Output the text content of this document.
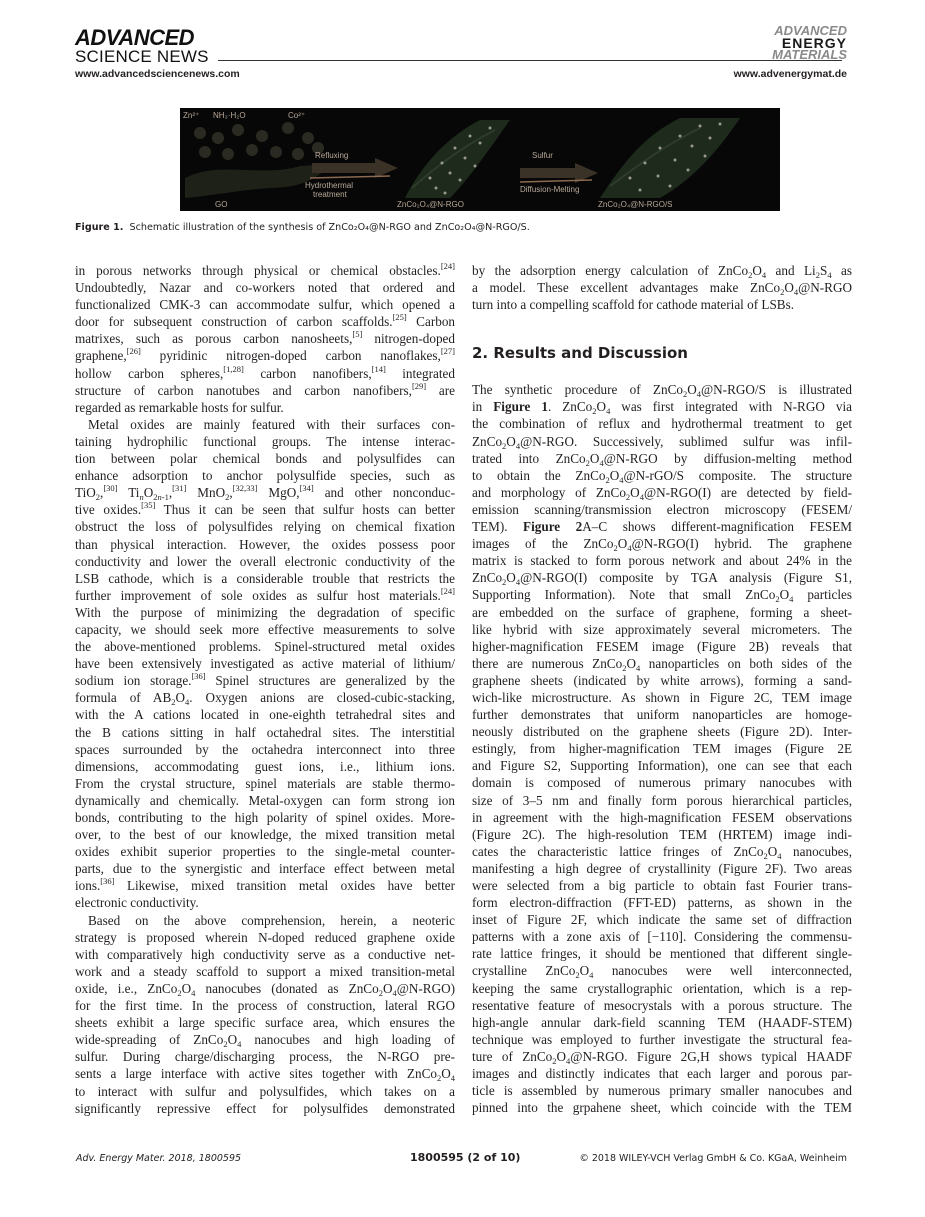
ADVANCED
SCIENCE NEWS
www.advancedsciencenews.com
ADVANCED
ENERGY
MATERIALS
www.advenergymat.de
Zn²⁺ NH₃·H₂O	Co²⁺
GO
Refluxing
Hydrothermal
treatment
ZnCo₂O₄@N-RGO
Sulfur
Diffusion-Melting
ZnCo₂O₄@N-RGO/S
Figure 1. Schematic illustration of the synthesis of ZnCo₂O₄@N-RGO and ZnCo₂O₄@N-RGO/S.
in porous networks through physical or chemical obstacles.[24]
Undoubtedly, Nazar and co-workers noted that ordered and
functionalized CMK-3 can accommodate sulfur, which opened a
door for subsequent construction of carbon scaffolds.[25] Carbon
matrixes, such as porous carbon nanosheets,[5] nitrogen-doped
graphene,[26] pyridinic nitrogen-doped carbon nanoflakes,[27]
hollow carbon spheres,[1,28] carbon nanofibers,[14] integrated
structure of carbon nanotubes and carbon nanofibers,[29] are
regarded as remarkable hosts for sulfur.
Metal oxides are mainly featured with their surfaces con-
taining hydrophilic functional groups. The intense interac-
tion between polar chemical bonds and polysulfides can
enhance adsorption to anchor polysulfide species, such as
TiO$_2$,[30] $Ti_nO_{2n-1},[31]$ MnO$_2$,[32,33] MgO,[34] and other nonconduc-
tive oxides.[35] Thus it can be seen that sulfur hosts can better
obstruct the loss of polysulfides relying on chemical fixation
than physical interaction. However, the oxides possess poor
conductivity and lower the overall electronic conductivity of the
LSB cathode, which is a considerable trouble that restricts the
further improvement of sole oxides as sulfur host materials.[24]
With the purpose of minimizing the degradation of specific
capacity, we should seek more effective measurements to solve
the above-mentioned problems. Spinel-structured metal oxides
have been extensively investigated as active material of lithium/
sodium ion storage.[36] Spinel structures are generalized by the
formula of $AB_2O_4$. Oxygen anions are closed-cubic-stacking,
with the A cations located in one-eighth tetrahedral sites and
the B cations sitting in half octahedral sites. The interstitial
spaces surrounded by the octahedra interconnect into three
dimensions, accommodating guest ions, i.e., lithium ions.
From the crystal structure, spinel materials are stable thermo-
dynamically and chemically. Metal-oxygen can form strong ion
bonds, contributing to the high polarity of spinel oxides. More-
over, to the best of our knowledge, the mixed transition metal
oxides exhibit superior properties to the single-metal counter-
parts, due to the synergistic and interface effect between metal
ions.[36] Likewise, mixed transition metal oxides have better
electronic conductivity.
Based on the above comprehension, herein, a neoteric
strategy is proposed wherein N-doped reduced graphene oxide
with comparatively high conductivity serve as a conductive net-
work and a steady scaffold to support a mixed transition-metal
oxide, i.e., $ZnCo_2O_4$ nanocubes (donated as $ZnCo_2O_4@N-RGO$)
for the first time. In the process of construction, lateral RGO
sheets exhibit a large specific surface area, which ensures the
wide-spreading of $ZnCo_2O_4$ nanocubes and high loading of
sulfur. During charge/discharging process, the N-RGO pre-
sents a large interface with active sites together with $ZnCo_2O_4$
to interact with sulfur and polysulfides, which takes on a
significantly repressive effect for polysulfides demonstrated
by the adsorption energy calculation of $ZnCo_2O_4$ and $Li_2S_4$ as
a model. These excellent advantages make $ZnCo_2O_4@N$-RGO
turn into a compelling scaffold for cathode material of LSBs.
2. Results and Discussion
The synthetic procedure of $ZnCo_2O_4@N-RGO/S$ is illustrated
in Figure 1. $ZnCo_2O_4$ was first integrated with N-RGO via
the combination of reflux and hydrothermal treatment to get
$ZnCo_2O_4@N$-RGO. Successively, sublimed sulfur was infil-
trated into $ZnCo_2O_4@N$-RGO by diffusion-melting method
to obtain the $ZnCo_2O_4@N-rGO/S$ composite. The structure
and morphology of $ZnCo_2O_4@N-RGO(I)$ are detected by field-
emission scanning/transmission electron microscopy (FESEM/
TEM). Figure 2A–C shows different-magnification FESEM
images of the $ZnCo_2O_4@N-RGO(I)$ hybrid. The graphene
matrix is stacked to form porous network and about 24% in the
$ZnCo_2O_4@N-RGO(I)$ composite by TGA analysis (Figure S1,
Supporting Information). Note that small $ZnCo_2O_4$ particles
are embedded on the surface of graphene, forming a sheet-
like hybrid with size approximately several micrometers. The
higher-magnification FESEM image (Figure 2B) reveals that
there are numerous $ZnCo_2O_4$ nanoparticles on both sides of the
graphene sheets (indicated by white arrows), forming a sand-
wich-like microstructure. As shown in Figure 2C, TEM image
further demonstrates that uniform nanoparticles are homoge-
neously distributed on the graphene sheets (Figure 2D). Inter-
estingly, from higher-magnification TEM images (Figure 2E
and Figure S2, Supporting Information), one can see that each
domain is composed of numerous primary nanocubes with
size of 3–5 nm and finally form porous hierarchical particles,
in agreement with the high-magnification FESEM observations
(Figure 2C). The high-resolution TEM (HRTEM) image indi-
cates the characteristic lattice fringes of $ZnCo_2O_4$ nanocubes,
manifesting a high degree of crystallinity (Figure 2F). Two areas
were selected from a big particle to obtain fast Fourier trans-
form electron-diffraction (FFT-ED) patterns, as shown in the
inset of Figure 2F, which indicate the same set of diffraction
patterns with a zone axis of [−110]. Considering the commensu-
rate lattice fringes, it should be mentioned that different single-
crystalline $ZnCo_2O_4$ nanocubes were well interconnected,
keeping the same crystallographic orientation, which is a rep-
resentative feature of mesocrystals with a porous structure. The
high-angle annular dark-field scanning TEM (HAADF-STEM)
technique was employed to further investigate the structural fea-
ture of $ZnCo_2O_4@N$-RGO. Figure 2G,H shows typical HAADF
images and distinctly indicates that each larger and porous par-
ticle is assembled by numerous primary smaller nanocubes and
pinned into the grpahene sheet, which coincide with the TEM
Adv. Energy Mater. 2018, 1800595	1800595 (2 of 10)	© 2018 WILEY-VCH Verlag GmbH & Co. KGaA, Weinheim
